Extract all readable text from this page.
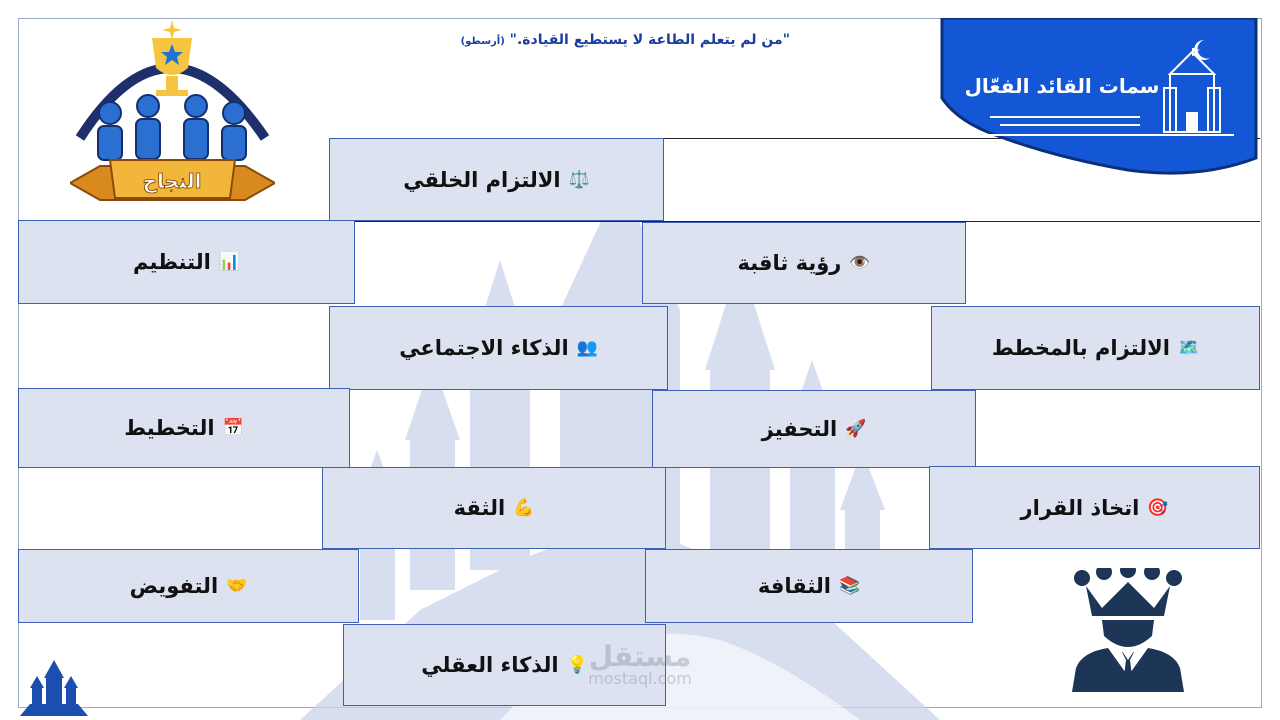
"من لم يتعلم الطاعة لا يستطيع القيادة." (أرسطو)
سمات القائد الفعّال
النجاح	⚖️
الالتزام الخلقي
📊
التنظيم	👁️
رؤية ثاقبة
👥
الذكاء الاجتماعي	🗺️
الالتزام بالمخطط
📅
التخطيط	🚀
التحفيز
💪
الثقة	🎯
اتخاذ القرار
🤝
التفويض	📚
الثقافة
💡
الذكاء العقلي	مستقل
mostaql.com
